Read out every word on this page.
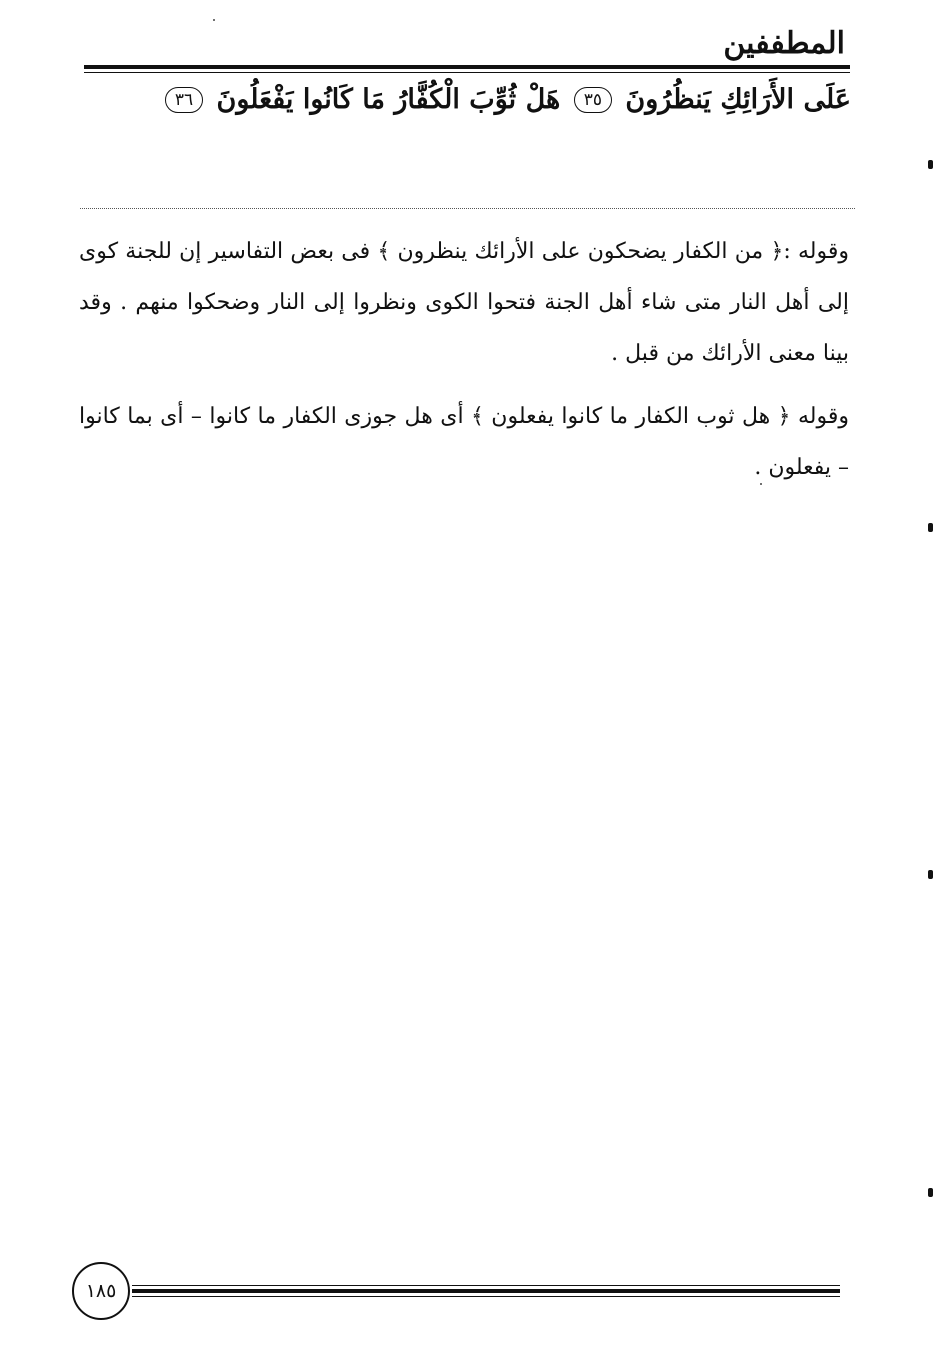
المطففين
عَلَى الأَرَائِكِ يَنظُرُونَ ٣٥ هَلْ ثُوِّبَ الْكُفَّارُ مَا كَانُوا يَفْعَلُونَ ٣٦

وقوله :﴿ من الكفار يضحكون على الأرائك ينظرون ﴾ فى بعض التفاسير إن للجنة كوى إلى أهل النار متى شاء أهل الجنة فتحوا الكوى ونظروا إلى النار وضحكوا منهم . وقد بينا معنى الأرائك من قبل .

وقوله ﴿ هل ثوب الكفار ما كانوا يفعلون ﴾ أى هل جوزى الكفار ما كانوا – أى بما كانوا – يفعلون .

١٨٥
